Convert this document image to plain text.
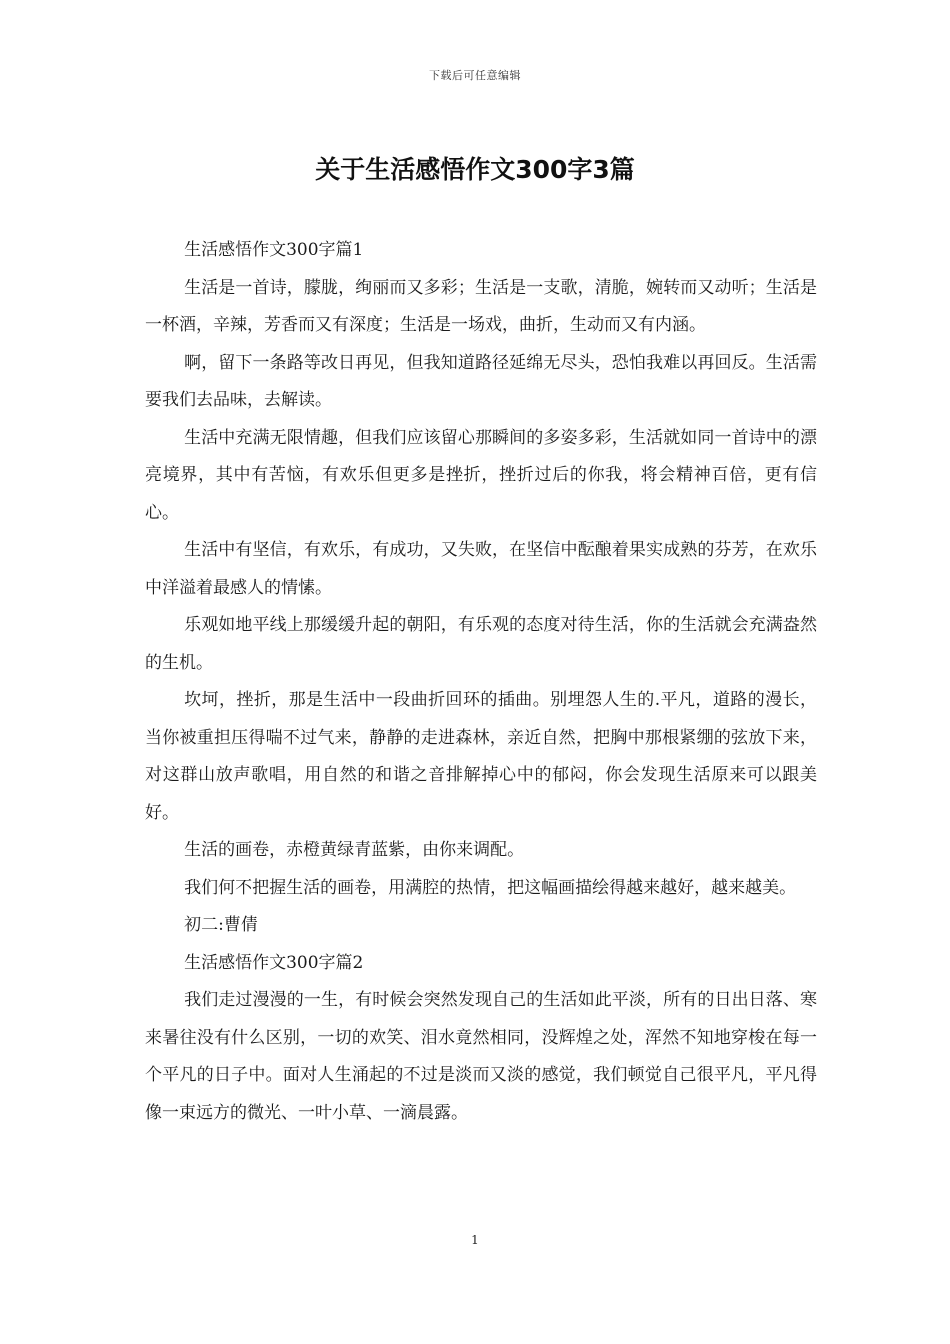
下载后可任意编辑
关于生活感悟作文300字3篇

生活感悟作文300字篇1

生活是一首诗，朦胧，绚丽而又多彩；生活是一支歌，清脆，婉转而又动听；生活是一杯酒，辛辣，芳香而又有深度；生活是一场戏，曲折，生动而又有内涵。

啊，留下一条路等改日再见，但我知道路径延绵无尽头，恐怕我难以再回反。生活需要我们去品味，去解读。

生活中充满无限情趣，但我们应该留心那瞬间的多姿多彩，生活就如同一首诗中的漂亮境界，其中有苦恼，有欢乐但更多是挫折，挫折过后的你我，将会精神百倍，更有信心。

生活中有坚信，有欢乐，有成功，又失败，在坚信中酝酿着果实成熟的芬芳，在欢乐中洋溢着最感人的情愫。

乐观如地平线上那缓缓升起的朝阳，有乐观的态度对待生活，你的生活就会充满盎然的生机。

坎坷，挫折，那是生活中一段曲折回环的插曲。别埋怨人生的.平凡，道路的漫长，当你被重担压得喘不过气来，静静的走进森林，亲近自然，把胸中那根紧绷的弦放下来，对这群山放声歌唱，用自然的和谐之音排解掉心中的郁闷，你会发现生活原来可以跟美好。

生活的画卷，赤橙黄绿青蓝紫，由你来调配。

我们何不把握生活的画卷，用满腔的热情，把这幅画描绘得越来越好，越来越美。

初二:曹倩

生活感悟作文300字篇2

我们走过漫漫的一生，有时候会突然发现自己的生活如此平淡，所有的日出日落、寒来暑往没有什么区别，一切的欢笑、泪水竟然相同，没辉煌之处，浑然不知地穿梭在每一个平凡的日子中。面对人生涌起的不过是淡而又淡的感觉，我们顿觉自己很平凡，平凡得像一束远方的微光、一叶小草、一滴晨露。

1
